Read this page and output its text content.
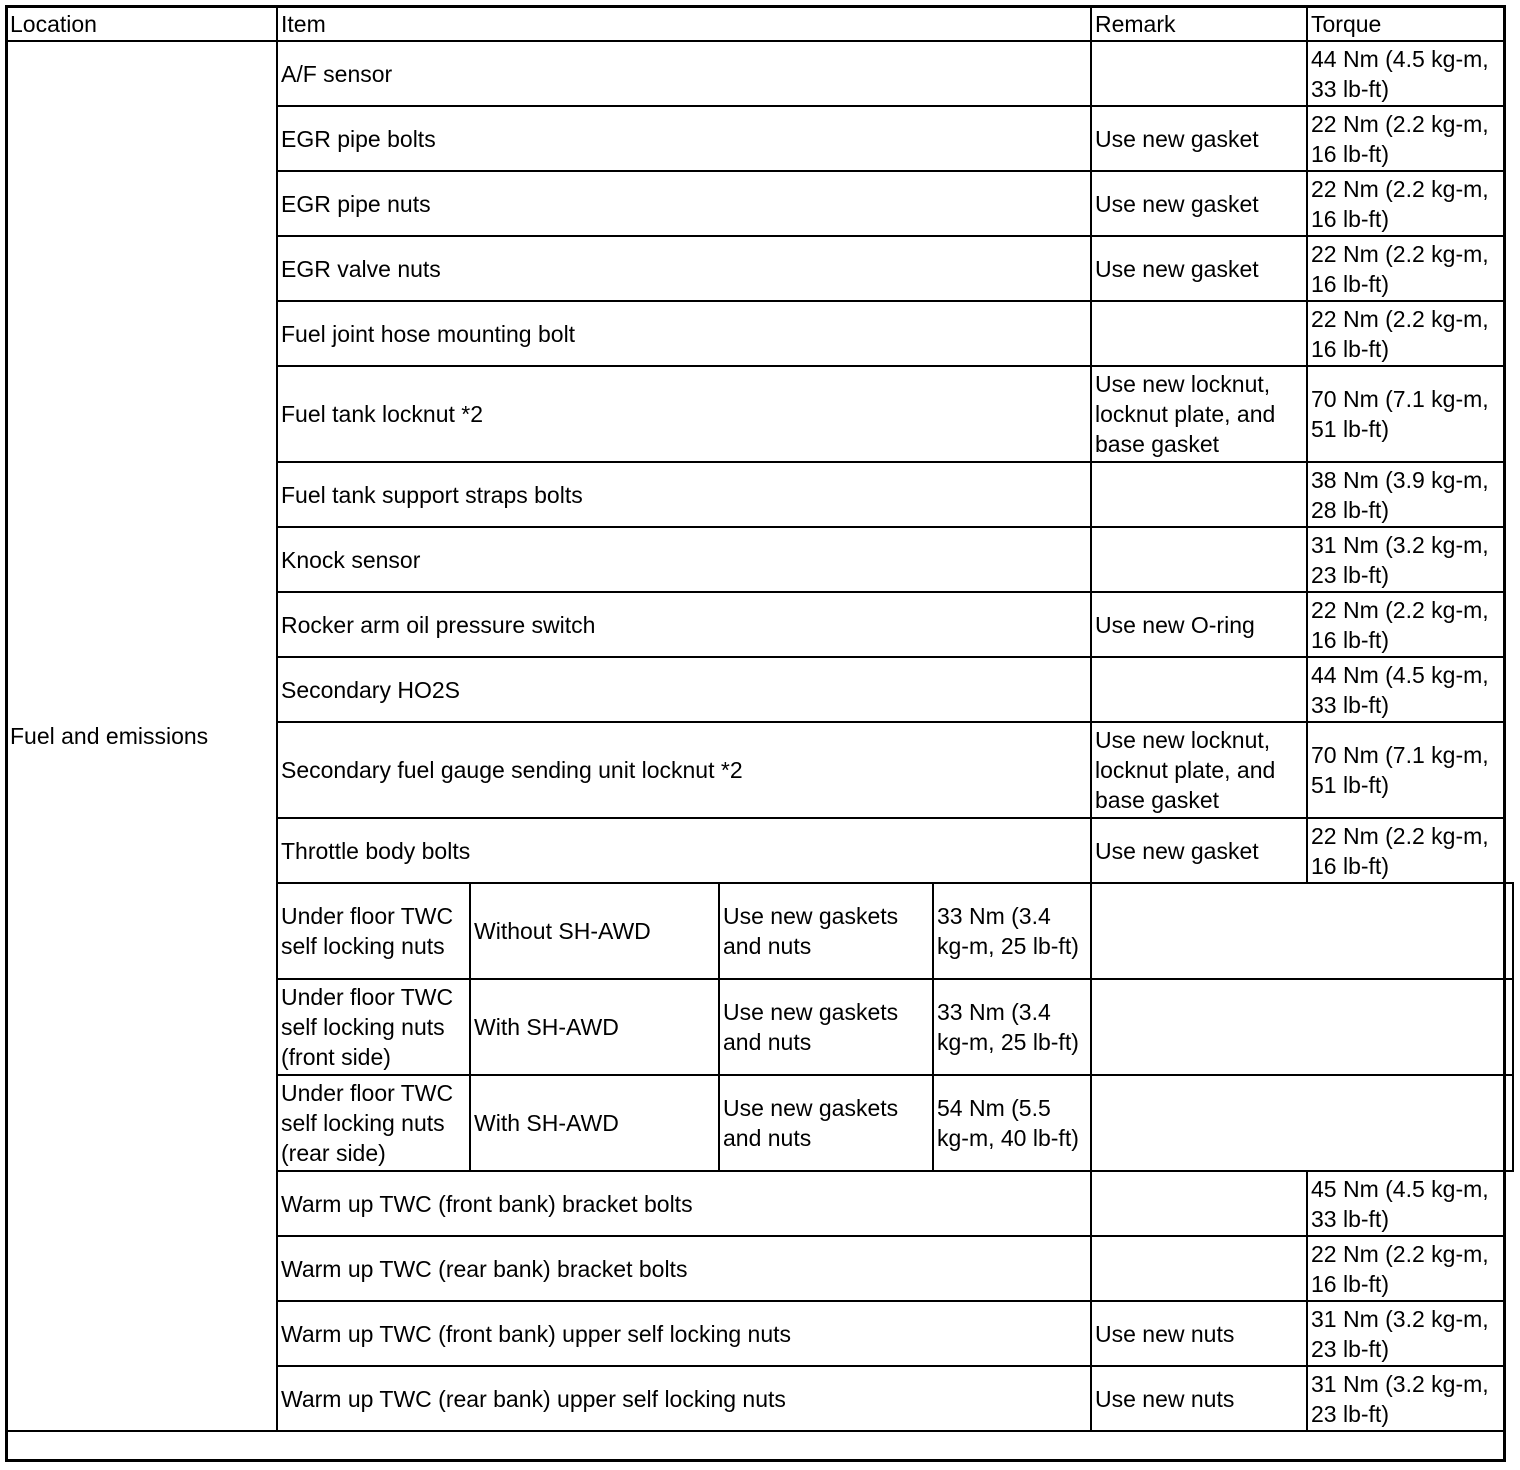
Location	Item				Remark	Torque	
Fuel and emissions	A/F sensor					44 Nm (4.5 kg-m, 33 lb-ft)	
	EGR pipe bolts				Use new gasket	22 Nm (2.2 kg-m, 16 lb-ft)	
	EGR pipe nuts				Use new gasket	22 Nm (2.2 kg-m, 16 lb-ft)	
	EGR valve nuts				Use new gasket	22 Nm (2.2 kg-m, 16 lb-ft)	
	Fuel joint hose mounting bolt					22 Nm (2.2 kg-m, 16 lb-ft)	
	Fuel tank locknut *2				Use new locknut, locknut plate, and base gasket	70 Nm (7.1 kg-m, 51 lb-ft)	
	Fuel tank support straps bolts					38 Nm (3.9 kg-m, 28 lb-ft)	
	Knock sensor					31 Nm (3.2 kg-m, 23 lb-ft)	
	Rocker arm oil pressure switch				Use new O-ring	22 Nm (2.2 kg-m, 16 lb-ft)	
	Secondary HO2S					44 Nm (4.5 kg-m, 33 lb-ft)	
	Secondary fuel gauge sending unit locknut *2				Use new locknut, locknut plate, and base gasket	70 Nm (7.1 kg-m, 51 lb-ft)	
	Throttle body bolts				Use new gasket	22 Nm (2.2 kg-m, 16 lb-ft)	
	Under floor TWC self locking nuts	Without SH-AWD	Use new gaskets and nuts	33 Nm (3.4 kg-m, 25 lb-ft)			
	Under floor TWC self locking nuts (front side)	With SH-AWD	Use new gaskets and nuts	33 Nm (3.4 kg-m, 25 lb-ft)			
	Under floor TWC self locking nuts (rear side)	With SH-AWD	Use new gaskets and nuts	54 Nm (5.5 kg-m, 40 lb-ft)			
	Warm up TWC (front bank) bracket bolts					45 Nm (4.5 kg-m, 33 lb-ft)	
	Warm up TWC (rear bank) bracket bolts					22 Nm (2.2 kg-m, 16 lb-ft)	
	Warm up TWC (front bank) upper self locking nuts				Use new nuts	31 Nm (3.2 kg-m, 23 lb-ft)	
	Warm up TWC (rear bank) upper self locking nuts				Use new nuts	31 Nm (3.2 kg-m, 23 lb-ft)	
